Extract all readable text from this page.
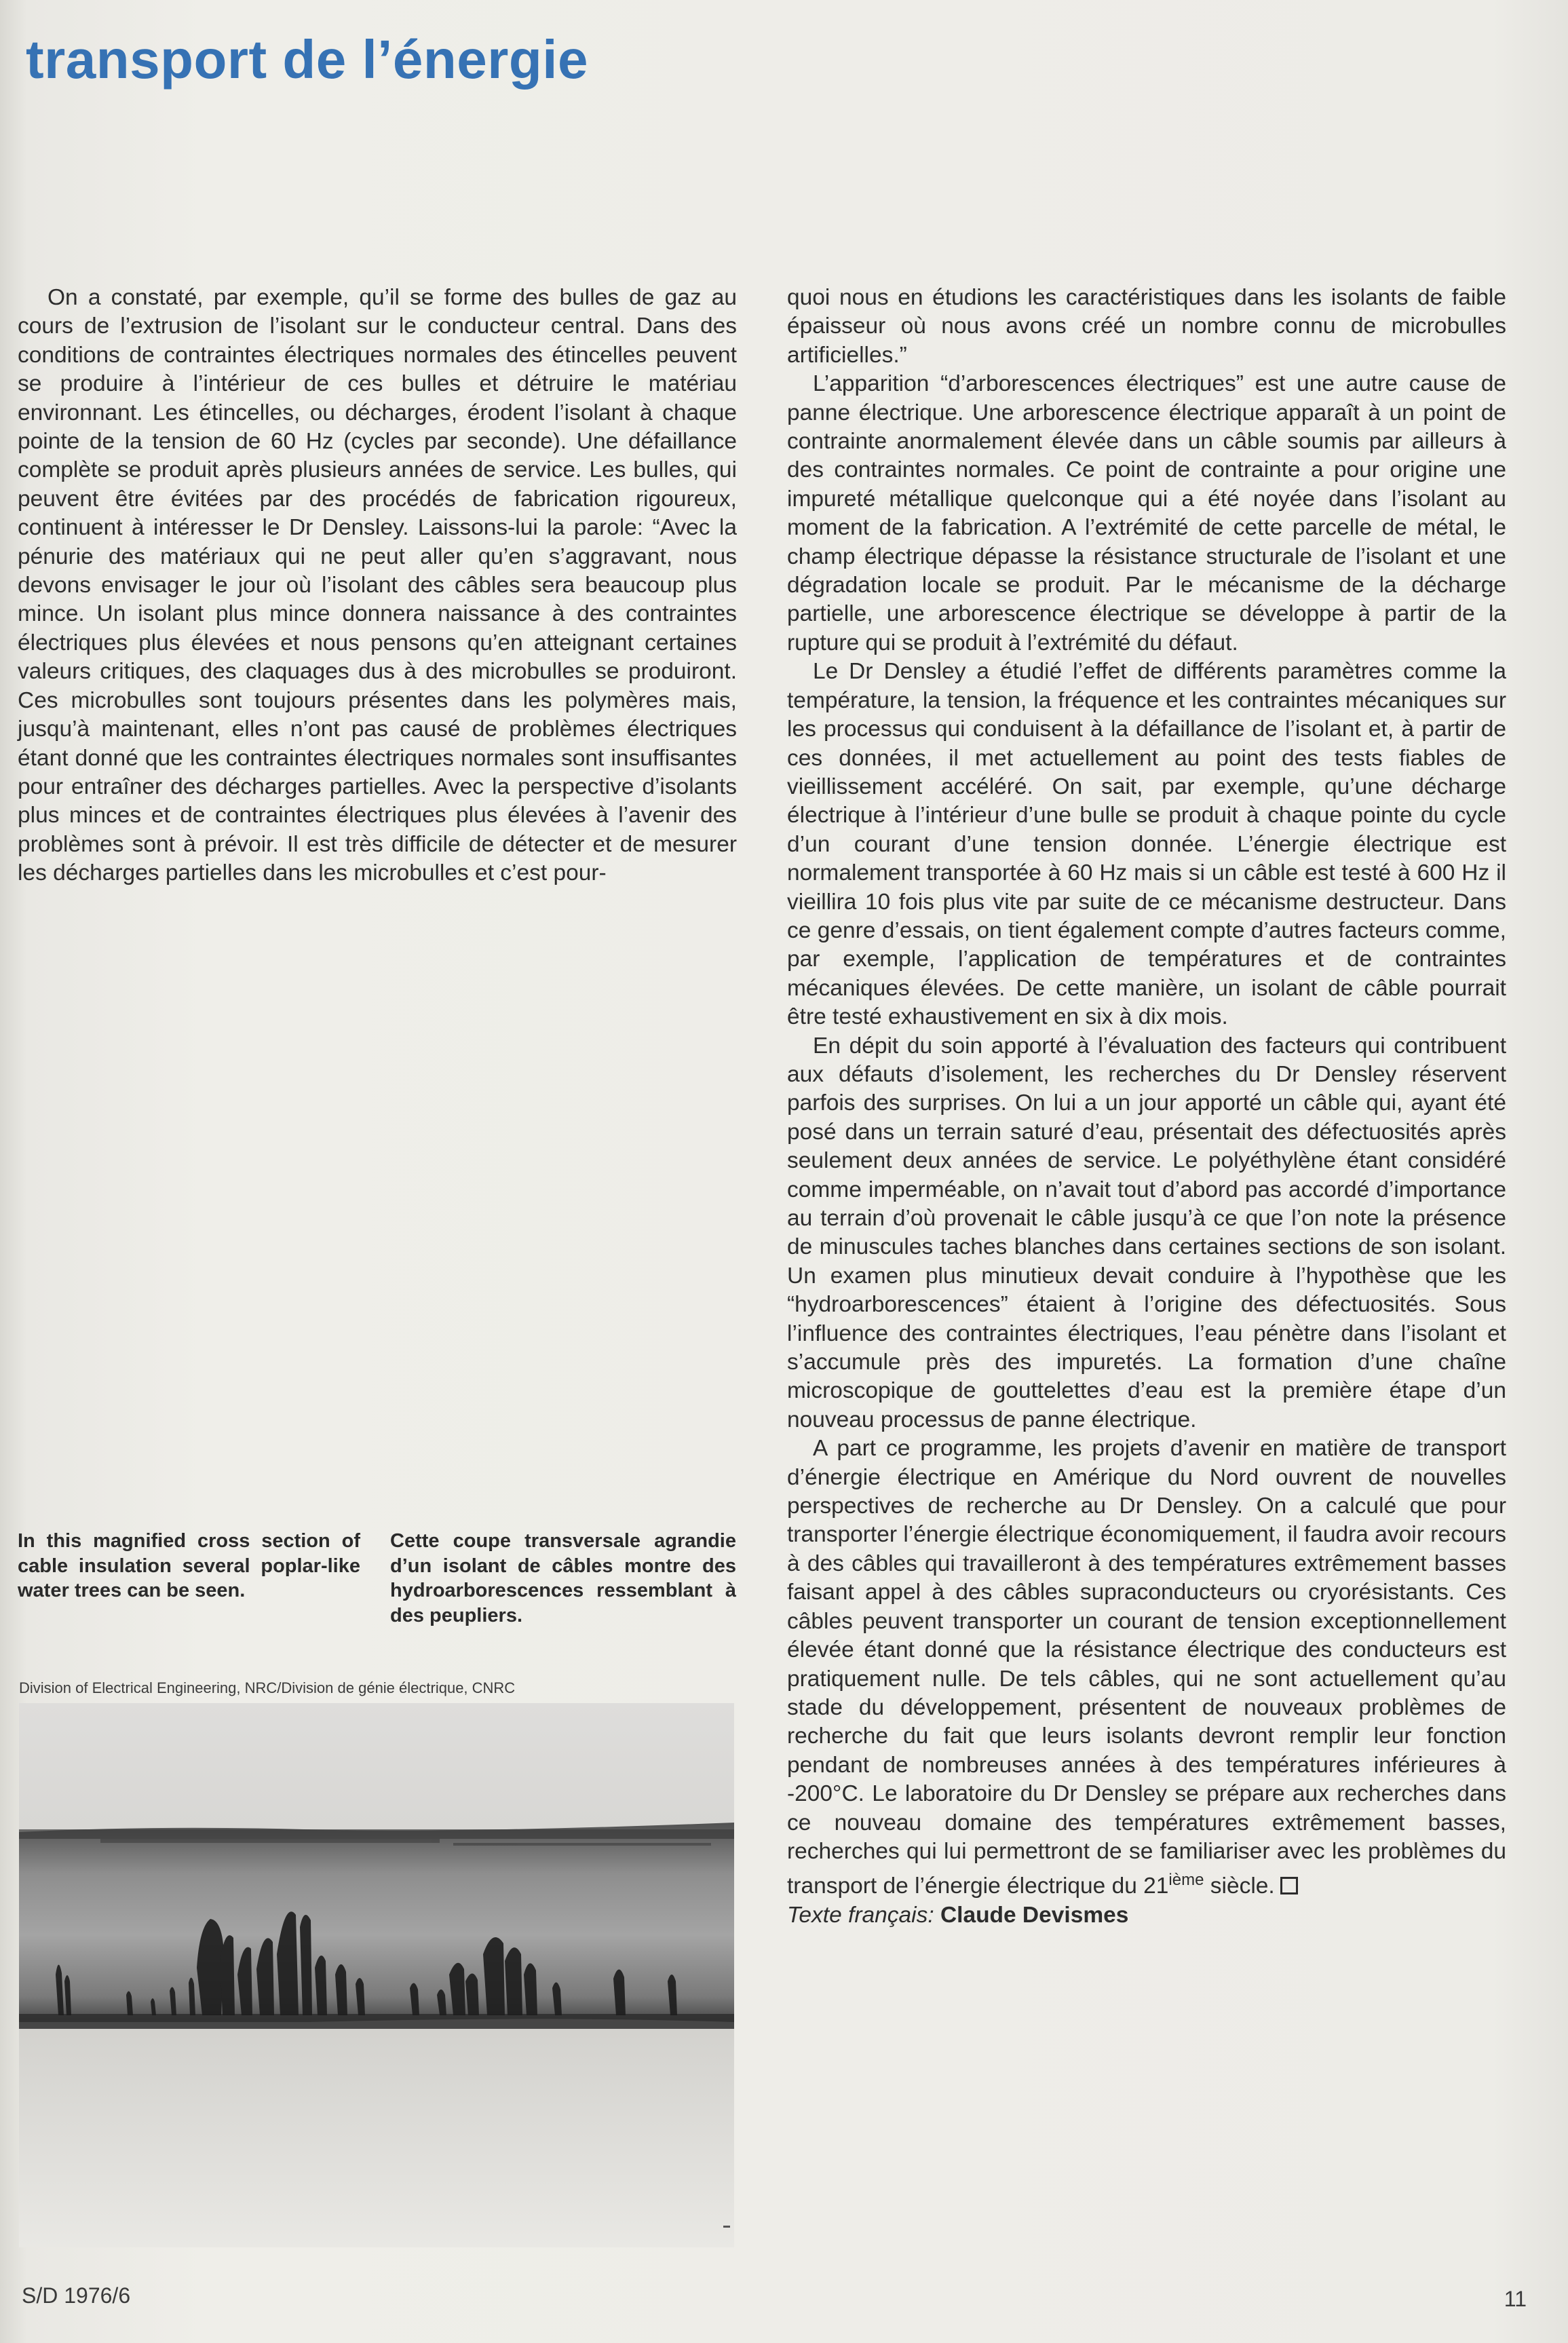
transport de l’énergie

On a constaté, par exemple, qu’il se forme des bulles de gaz au cours de l’extrusion de l’isolant sur le conducteur central. Dans des conditions de contraintes électriques normales des étincelles peuvent se produire à l’intérieur de ces bulles et détruire le matériau environnant. Les étincelles, ou décharges, érodent l’isolant à chaque pointe de la tension de 60 Hz (cycles par seconde). Une défaillance complète se produit après plusieurs années de service. Les bulles, qui peuvent être évitées par des procédés de fabrication rigoureux, continuent à intéresser le Dr Densley. Laissons-lui la parole: “Avec la pénurie des matériaux qui ne peut aller qu’en s’aggravant, nous devons envisager le jour où l’isolant des câbles sera beaucoup plus mince. Un isolant plus mince donnera naissance à des contraintes électriques plus élevées et nous pensons qu’en atteignant certaines valeurs critiques, des claquages dus à des microbulles se produiront. Ces microbulles sont toujours présentes dans les polymères mais, jusqu’à maintenant, elles n’ont pas causé de problèmes électriques étant donné que les contraintes électriques normales sont insuffisantes pour entraîner des décharges partielles. Avec la perspective d’isolants plus minces et de contraintes électriques plus élevées à l’avenir des problèmes sont à prévoir. Il est très difficile de détecter et de mesurer les décharges partielles dans les microbulles et c’est pour-

quoi nous en étudions les caractéristiques dans les isolants de faible épaisseur où nous avons créé un nombre connu de microbulles artificielles.”

L’apparition “d’arborescences électriques” est une autre cause de panne électrique. Une arborescence électrique apparaît à un point de contrainte anormalement élevée dans un câble soumis par ailleurs à des contraintes normales. Ce point de contrainte a pour origine une impureté métallique quelconque qui a été noyée dans l’isolant au moment de la fabrication. A l’extrémité de cette parcelle de métal, le champ électrique dépasse la résistance structurale de l’isolant et une dégradation locale se produit. Par le mécanisme de la décharge partielle, une arborescence électrique se développe à partir de la rupture qui se produit à l’extrémité du défaut.

Le Dr Densley a étudié l’effet de différents paramètres comme la température, la tension, la fréquence et les contraintes mécaniques sur les processus qui conduisent à la défaillance de l’isolant et, à partir de ces données, il met actuellement au point des tests fiables de vieillissement accéléré. On sait, par exemple, qu’une décharge électrique à l’intérieur d’une bulle se produit à chaque pointe du cycle d’un courant d’une tension donnée. L’énergie électrique est normalement transportée à 60 Hz mais si un câble est testé à 600 Hz il vieillira 10 fois plus vite par suite de ce mécanisme destructeur. Dans ce genre d’essais, on tient également compte d’autres facteurs comme, par exemple, l’application de températures et de contraintes mécaniques élevées. De cette manière, un isolant de câble pourrait être testé exhaustivement en six à dix mois.

En dépit du soin apporté à l’évaluation des facteurs qui contribuent aux défauts d’isolement, les recherches du Dr Densley réservent parfois des surprises. On lui a un jour apporté un câble qui, ayant été posé dans un terrain saturé d’eau, présentait des défectuosités après seulement deux années de service. Le polyéthylène étant considéré comme imperméable, on n’avait tout d’abord pas accordé d’importance au terrain d’où provenait le câble jusqu’à ce que l’on note la présence de minuscules taches blanches dans certaines sections de son isolant. Un examen plus minutieux devait conduire à l’hypothèse que les “hydroarborescences” étaient à l’origine des défectuosités. Sous l’influence des contraintes électriques, l’eau pénètre dans l’isolant et s’accumule près des impuretés. La formation d’une chaîne microscopique de gouttelettes d’eau est la première étape d’un nouveau processus de panne électrique.

A part ce programme, les projets d’avenir en matière de transport d’énergie électrique en Amérique du Nord ouvrent de nouvelles perspectives de recherche au Dr Densley. On a calculé que pour transporter l’énergie électrique économiquement, il faudra avoir recours à des câbles qui travailleront à des températures extrêmement basses faisant appel à des câbles supraconducteurs ou cryorésistants. Ces câbles peuvent transporter un courant de tension exceptionnellement élevée étant donné que la résistance électrique des conducteurs est pratiquement nulle. De tels câbles, qui ne sont actuellement qu’au stade du développement, présentent de nouveaux problèmes de recherche du fait que leurs isolants devront remplir leur fonction pendant de nombreuses années à des températures inférieures à -200°C. Le laboratoire du Dr Densley se prépare aux recherches dans ce nouveau domaine des températures extrêmement basses, recherches qui lui permettront de se familiariser avec les problèmes du transport de l’énergie électrique du 21ième siècle.

Texte français: Claude Devismes

In this magnified cross section of cable insulation several poplar-like water trees can be seen.
Cette coupe transversale agrandie d’un isolant de câbles montre des hydroarborescences ressemblant à des peupliers.
Division of Electrical Engineering, NRC/Division de génie électrique, CNRC
S/D 1976/6	11
